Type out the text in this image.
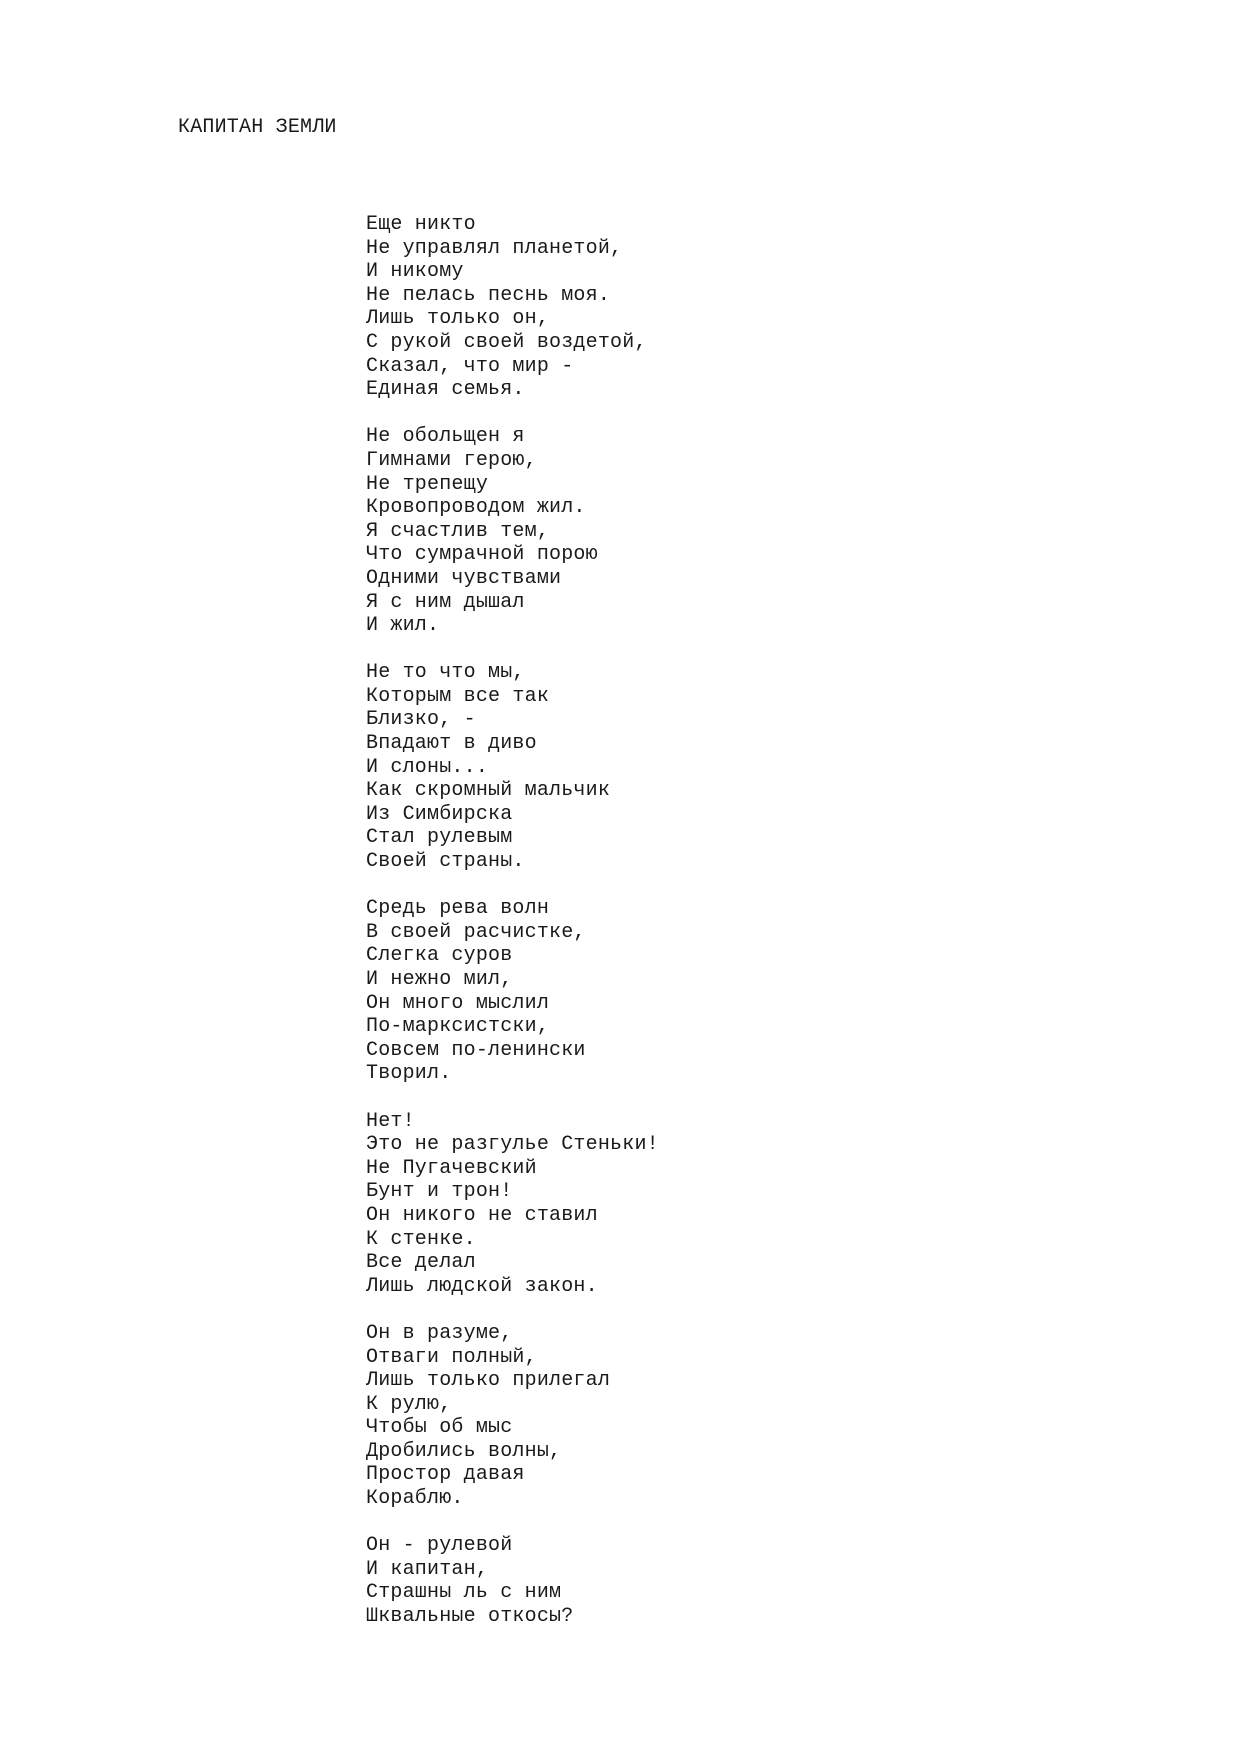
КАПИТАН ЗЕМЛИ
Еще никто
Не управлял планетой,
И никому
Не пелась песнь моя.
Лишь только он,
С рукой своей воздетой,
Сказал, что мир -
Единая семья.
Не обольщен я
Гимнами герою,
Не трепещу
Кровопроводом жил.
Я счастлив тем,
Что сумрачной порою
Одними чувствами
Я с ним дышал
И жил.
Не то что мы,
Которым все так
Близко, -
Впадают в диво
И слоны...
Как скромный мальчик
Из Симбирска
Стал рулевым
Своей страны.
Средь рева волн
В своей расчистке,
Слегка суров
И нежно мил,
Он много мыслил
По-марксистски,
Совсем по-ленински
Творил.
Нет!
Это не разгулье Стеньки!
Не Пугачевский
Бунт и трон!
Он никого не ставил
К стенке.
Все делал
Лишь людской закон.
Он в разуме,
Отваги полный,
Лишь только прилегал
К рулю,
Чтобы об мыс
Дробились волны,
Простор давая
Кораблю.
Он - рулевой
И капитан,
Страшны ль с ним
Шквальные откосы?
